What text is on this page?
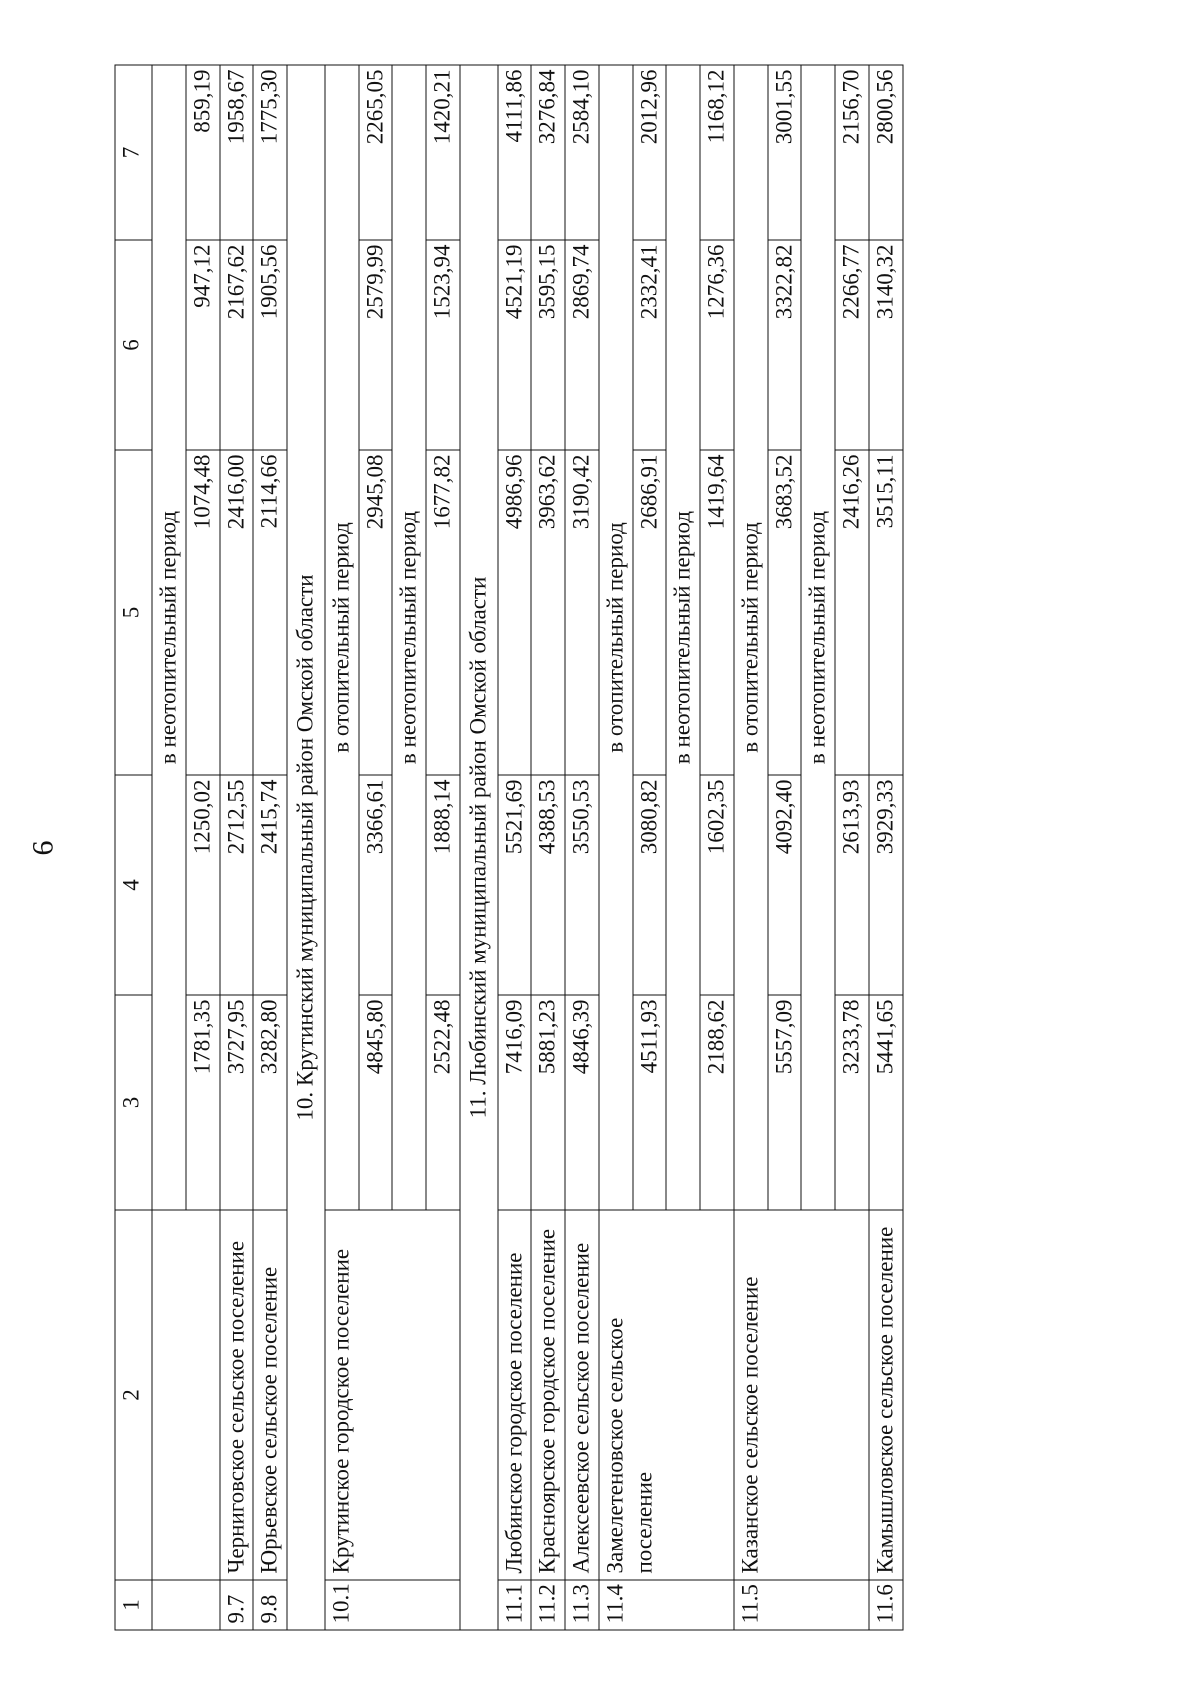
6
1	2	3	4	5	6	7
		в неотопительный период				
		1781,35	1250,02	1074,48	947,12	859,19
9.7	Черниговское сельское поселение	3727,95	2712,55	2416,00	2167,62	1958,67
9.8	Юрьевское сельское поселение	3282,80	2415,74	2114,66	1905,56	1775,30
10. Крутинский муниципальный район Омской области						
10.1	Крутинское городское поселение	в отопительный период				
		4845,80	3366,61	2945,08	2579,99	2265,05
		в неотопительный период				
		2522,48	1888,14	1677,82	1523,94	1420,21
11. Любинский муниципальный район Омской области						
11.1	Любинское городское поселение	7416,09	5521,69	4986,96	4521,19	4111,86
11.2	Красноярское городское поселение	5881,23	4388,53	3963,62	3595,15	3276,84
11.3	Алексеевское сельское поселение	4846,39	3550,53	3190,42	2869,74	2584,10
11.4	Замелетеновское сельское поселение	в отопительный период				
		4511,93	3080,82	2686,91	2332,41	2012,96
		в неотопительный период				
		2188,62	1602,35	1419,64	1276,36	1168,12
11.5	Казанское сельское поселение	в отопительный период				
		5557,09	4092,40	3683,52	3322,82	3001,55
		в неотопительный период				
		3233,78	2613,93	2416,26	2266,77	2156,70
11.6	Камышловское сельское поселение	5441,65	3929,33	3515,11	3140,32	2800,56
